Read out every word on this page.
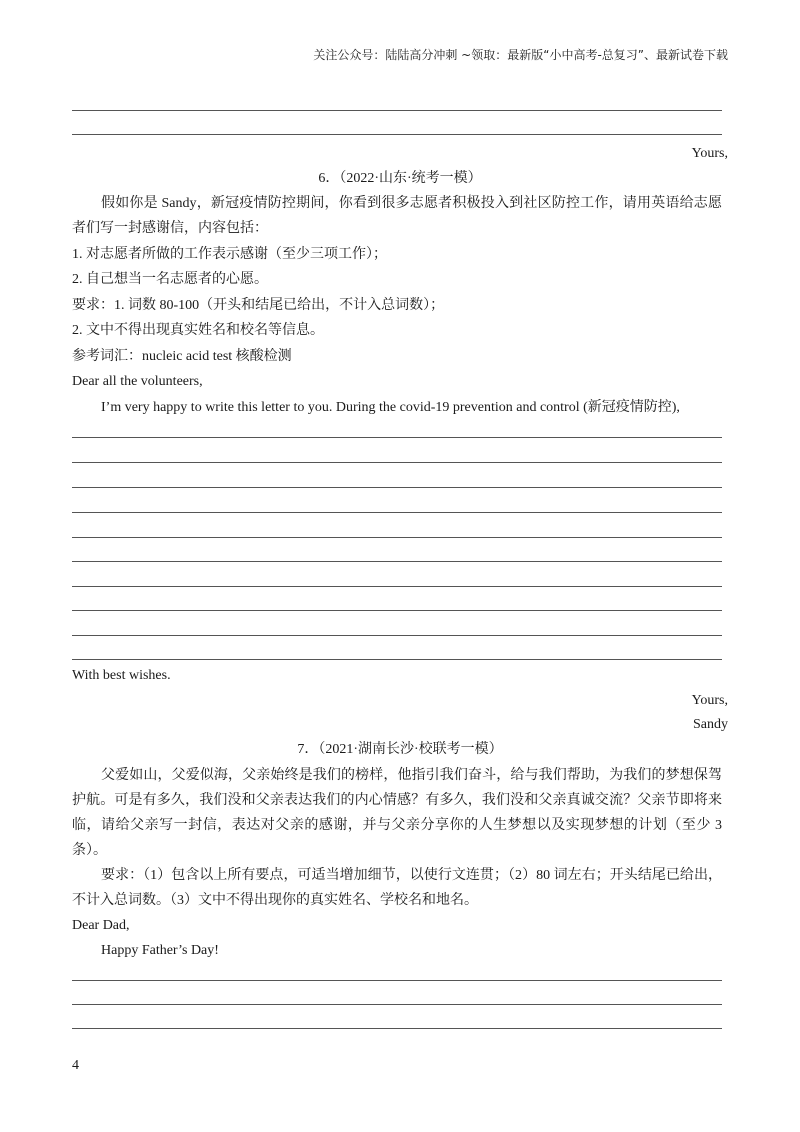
关注公众号：陆陆高分冲刺 ~领取：最新版“小中高考-总复习”、最新试卷下载
Yours,
6．（2022·山东·统考一模）
假如你是 Sandy，新冠疫情防控期间，你看到很多志愿者积极投入到社区防控工作，请用英语给志愿
者们写一封感谢信，内容包括：
1. 对志愿者所做的工作表示感谢（至少三项工作）；
2. 自己想当一名志愿者的心愿。
要求：1. 词数 80-100（开头和结尾已给出，不计入总词数）；
2. 文中不得出现真实姓名和校名等信息。
参考词汇：nucleic acid test 核酸检测
Dear all the volunteers,
I’m very happy to write this letter to you. During the covid-19 prevention and control (新冠疫情防控),
With best wishes.
Yours,
Sandy
7．（2021·湖南长沙·校联考一模）
父爱如山，父爱似海，父亲始终是我们的榜样，他指引我们奋斗，给与我们帮助，为我们的梦想保驾
护航。可是有多久，我们没和父亲表达我们的内心情感？有多久，我们没和父亲真诚交流？父亲节即将来
临，请给父亲写一封信，表达对父亲的感谢，并与父亲分享你的人生梦想以及实现梦想的计划（至少 3
条）。
要求：（1）包含以上所有要点，可适当增加细节，以使行文连贯；（2）80 词左右；开头结尾已给出，
不计入总词数。（3）文中不得出现你的真实姓名、学校名和地名。
Dear Dad,
Happy Father’s Day!
4
